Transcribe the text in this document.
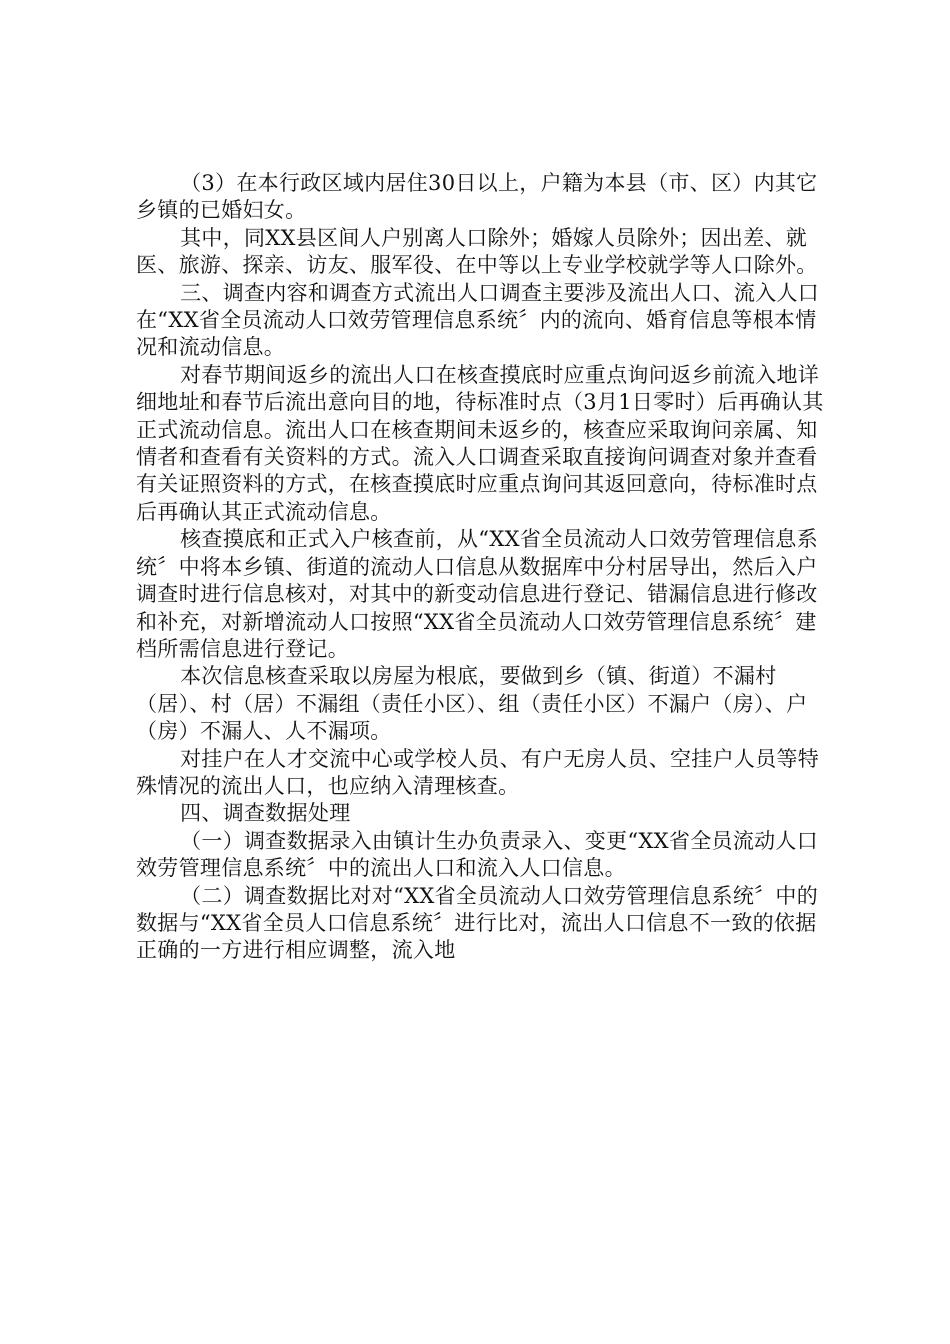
（3）在本行政区域内居住30日以上，户籍为本县（市、区）内其它乡镇的已婚妇女。

其中，同XX县区间人户别离人口除外；婚嫁人员除外；因出差、就医、旅游、探亲、访友、服军役、在中等以上专业学校就学等人口除外。

三、调查内容和调查方式流出人口调查主要涉及流出人口、流入人口在“XX省全员流动人口效劳管理信息系统〞内的流向、婚育信息等根本情况和流动信息。

对春节期间返乡的流出人口在核查摸底时应重点询问返乡前流入地详细地址和春节后流出意向目的地，待标准时点（3月1日零时）后再确认其正式流动信息。流出人口在核查期间未返乡的，核查应采取询问亲属、知情者和查看有关资料的方式。流入人口调查采取直接询问调查对象并查看有关证照资料的方式，在核查摸底时应重点询问其返回意向，待标准时点后再确认其正式流动信息。

核查摸底和正式入户核查前，从“XX省全员流动人口效劳管理信息系统〞中将本乡镇、街道的流动人口信息从数据库中分村居导出，然后入户调查时进行信息核对，对其中的新变动信息进行登记、错漏信息进行修改和补充，对新增流动人口按照“XX省全员流动人口效劳管理信息系统〞建档所需信息进行登记。

本次信息核查采取以房屋为根底，要做到乡（镇、街道）不漏村（居）、村（居）不漏组（责任小区）、组（责任小区）不漏户（房）、户（房）不漏人、人不漏项。

对挂户在人才交流中心或学校人员、有户无房人员、空挂户人员等特殊情况的流出人口，也应纳入清理核查。

四、调查数据处理

（一）调查数据录入由镇计生办负责录入、变更“XX省全员流动人口效劳管理信息系统〞中的流出人口和流入人口信息。

（二）调查数据比对对“XX省全员流动人口效劳管理信息系统〞中的数据与“XX省全员人口信息系统〞进行比对，流出人口信息不一致的依据正确的一方进行相应调整，流入地
